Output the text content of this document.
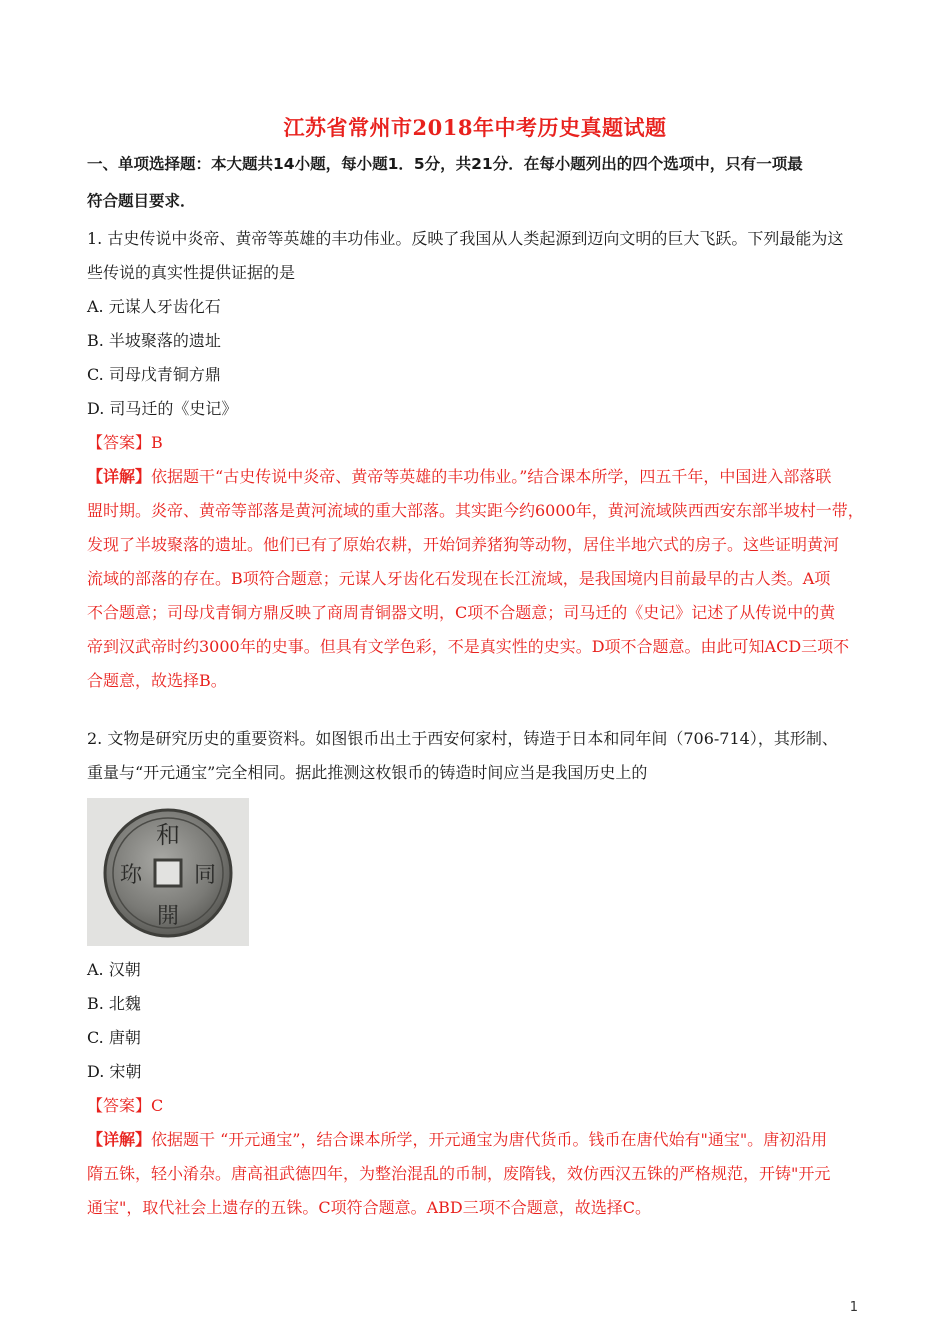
江苏省常州市2018年中考历史真题试题
一、单项选择题：本大题共14小题，每小题1．5分，共21分．在每小题列出的四个选项中，只有一项最
符合题目要求．
1. 古史传说中炎帝、黄帝等英雄的丰功伟业。反映了我国从人类起源到迈向文明的巨大飞跃。下列最能为这
些传说的真实性提供证据的是
A. 元谋人牙齿化石
B. 半坡聚落的遗址
C. 司母戊青铜方鼎
D. 司马迁的《史记》
【答案】B
【详解】依据题干“古史传说中炎帝、黄帝等英雄的丰功伟业。”结合课本所学，四五千年，中国进入部落联
盟时期。炎帝、黄帝等部落是黄河流域的重大部落。其实距今约6000年，黄河流域陕西西安东部半坡村一带，
发现了半坡聚落的遗址。他们已有了原始农耕，开始饲养猪狗等动物，居住半地穴式的房子。这些证明黄河
流域的部落的存在。B项符合题意；元谋人牙齿化石发现在长江流域，是我国境内目前最早的古人类。A项
不合题意；司母戊青铜方鼎反映了商周青铜器文明，C项不合题意；司马迁的《史记》记述了从传说中的黄
帝到汉武帝时约3000年的史事。但具有文学色彩，不是真实性的史实。D项不合题意。由此可知ACD三项不
合题意，故选择B。
2. 文物是研究历史的重要资料。如图银币出土于西安何家村，铸造于日本和同年间（706-714），其形制、
重量与“开元通宝”完全相同。据此推测这枚银币的铸造时间应当是我国历史上的
和
同
開
珎
A. 汉朝
B. 北魏
C. 唐朝
D. 宋朝
【答案】C
【详解】依据题干 “开元通宝”，结合课本所学，开元通宝为唐代货币。钱币在唐代始有"通宝"。唐初沿用
隋五铢，轻小淆杂。唐高祖武德四年，为整治混乱的币制，废隋钱，效仿西汉五铢的严格规范，开铸"开元
通宝"，取代社会上遗存的五铢。C项符合题意。ABD三项不合题意，故选择C。
1
